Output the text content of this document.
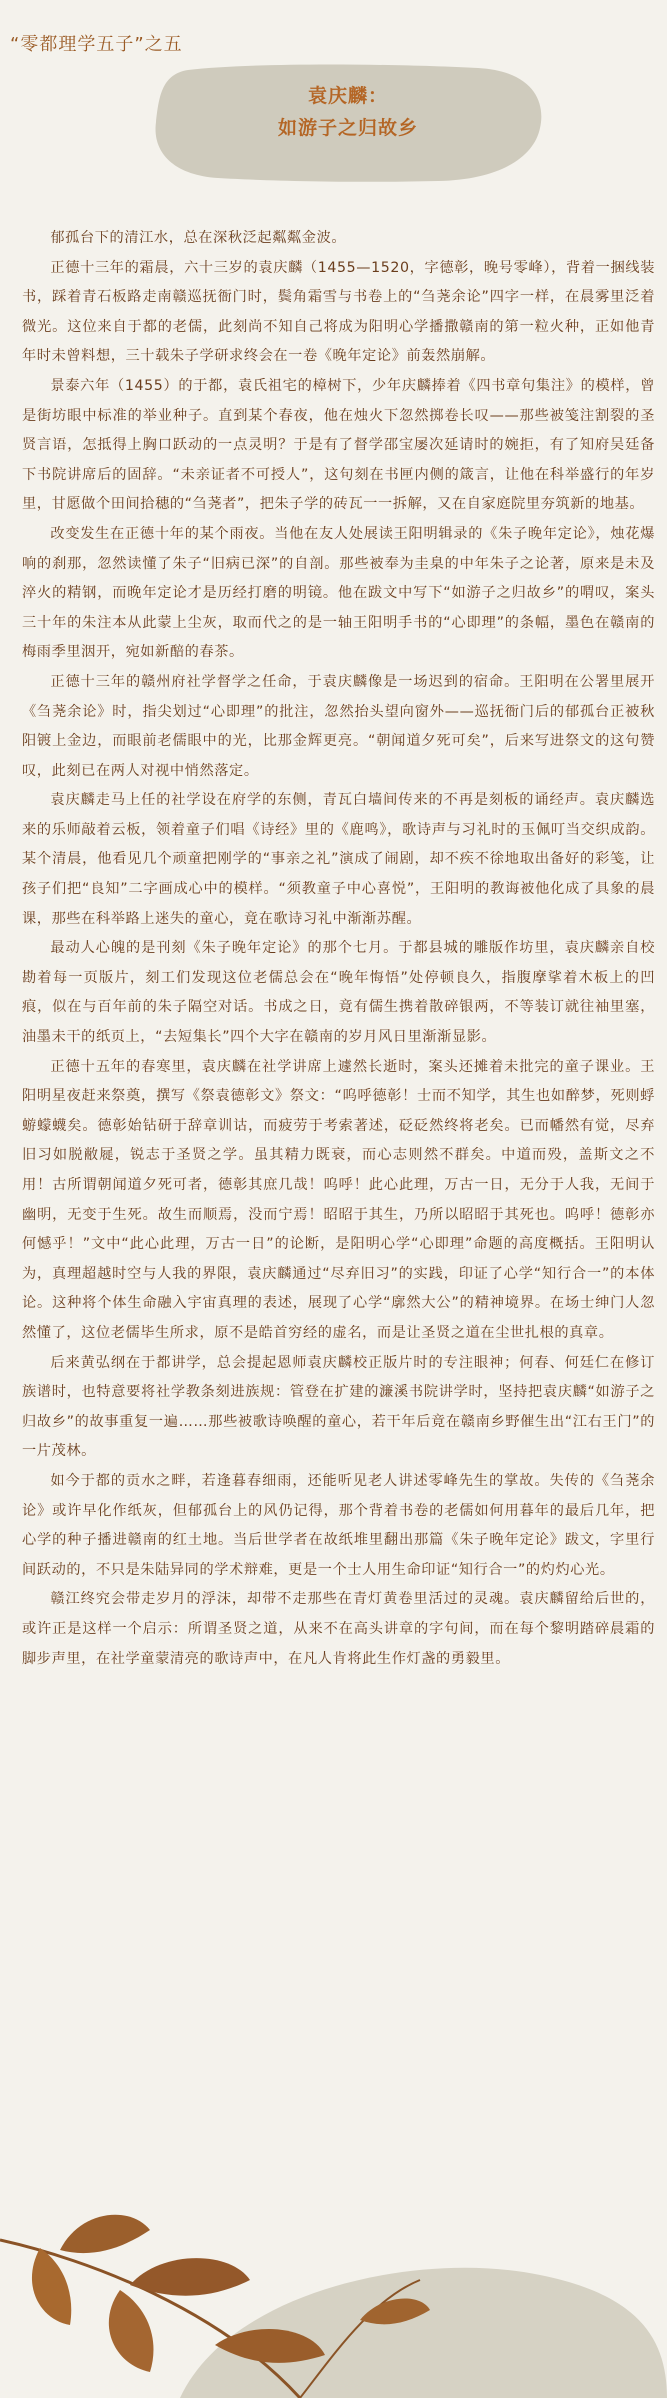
“零都理学五子”之五
袁庆麟：
如游子之归故乡

郁孤台下的清江水，总在深秋泛起粼粼金波。

正德十三年的霜晨，六十三岁的袁庆麟（1455—1520，字德彰，晚号零峰），背着一捆线装书，踩着青石板路走南赣巡抚衙门时，鬓角霜雪与书卷上的“刍荛余论”四字一样，在晨雾里泛着微光。这位来自于都的老儒，此刻尚不知自己将成为阳明心学播撒赣南的第一粒火种，正如他青年时未曾料想，三十载朱子学研求终会在一卷《晚年定论》前轰然崩解。

景泰六年（1455）的于都，袁氏祖宅的樟树下，少年庆麟捧着《四书章句集注》的模样，曾是街坊眼中标准的举业种子。直到某个春夜，他在烛火下忽然掷卷长叹——那些被笺注割裂的圣贤言语，怎抵得上胸口跃动的一点灵明？于是有了督学邵宝屡次延请时的婉拒，有了知府吴廷备下书院讲席后的固辞。“未亲证者不可授人”，这句刻在书匣内侧的箴言，让他在科举盛行的年岁里，甘愿做个田间拾穗的“刍荛者”，把朱子学的砖瓦一一拆解，又在自家庭院里夯筑新的地基。

改变发生在正德十年的某个雨夜。当他在友人处展读王阳明辑录的《朱子晚年定论》，烛花爆响的刹那，忽然读懂了朱子“旧病已深”的自剖。那些被奉为圭臬的中年朱子之论著，原来是未及淬火的精钢，而晚年定论才是历经打磨的明镜。他在跋文中写下“如游子之归故乡”的喟叹，案头三十年的朱注本从此蒙上尘灰，取而代之的是一轴王阳明手书的“心即理”的条幅，墨色在赣南的梅雨季里洇开，宛如新醅的春茶。

正德十三年的赣州府社学督学之任命，于袁庆麟像是一场迟到的宿命。王阳明在公署里展开《刍荛余论》时，指尖划过“心即理”的批注，忽然抬头望向窗外——巡抚衙门后的郁孤台正被秋阳镀上金边，而眼前老儒眼中的光，比那金辉更亮。“朝闻道夕死可矣”，后来写进祭文的这句赞叹，此刻已在两人对视中悄然落定。

袁庆麟走马上任的社学设在府学的东侧，青瓦白墙间传来的不再是刻板的诵经声。袁庆麟选来的乐师敲着云板，领着童子们唱《诗经》里的《鹿鸣》，歌诗声与习礼时的玉佩叮当交织成韵。某个清晨，他看见几个顽童把刚学的“事亲之礼”演成了闹剧，却不疾不徐地取出备好的彩笺，让孩子们把“良知”二字画成心中的模样。“须教童子中心喜悦”，王阳明的教诲被他化成了具象的晨课，那些在科举路上迷失的童心，竟在歌诗习礼中渐渐苏醒。

最动人心魄的是刊刻《朱子晚年定论》的那个七月。于都县城的雕版作坊里，袁庆麟亲自校勘着每一页版片，刻工们发现这位老儒总会在“晚年悔悟”处停顿良久，指腹摩挲着木板上的凹痕，似在与百年前的朱子隔空对话。书成之日，竟有儒生携着散碎银两，不等装订就往袖里塞，油墨未干的纸页上，“去短集长”四个大字在赣南的岁月风日里渐渐显影。

正德十五年的春寒里，袁庆麟在社学讲席上遽然长逝时，案头还摊着未批完的童子课业。王阳明星夜赶来祭奠，撰写《祭袁德彰文》祭文：“呜呼德彰！士而不知学，其生也如醉梦，死则蜉蝣蠓蠛矣。德彰始钻研于辞章训诂，而疲劳于考索著述，砭砭然终将老矣。已而幡然有觉，尽弃旧习如脱敝屣，锐志于圣贤之学。虽其精力既衰，而心志则然不群矣。中道而殁，盖斯文之不用！古所谓朝闻道夕死可者，德彰其庶几哉！呜呼！此心此理，万古一日，无分于人我，无间于幽明，无变于生死。故生而顺焉，没而宁焉！昭昭于其生，乃所以昭昭于其死也。呜呼！德彰亦何憾乎！”文中“此心此理，万古一日”的论断，是阳明心学“心即理”命题的高度概括。王阳明认为，真理超越时空与人我的界限，袁庆麟通过“尽弃旧习”的实践，印证了心学“知行合一”的本体论。这种将个体生命融入宇宙真理的表述，展现了心学“廓然大公”的精神境界。在场士绅门人忽然懂了，这位老儒毕生所求，原不是皓首穷经的虚名，而是让圣贤之道在尘世扎根的真章。

后来黄弘纲在于都讲学，总会提起恩师袁庆麟校正版片时的专注眼神；何春、何廷仁在修订族谱时，也特意要将社学教条刻进族规：管登在扩建的濂溪书院讲学时，坚持把袁庆麟“如游子之归故乡”的故事重复一遍……那些被歌诗唤醒的童心，若干年后竟在赣南乡野催生出“江右王门”的一片茂林。

如今于都的贡水之畔，若逢暮春细雨，还能听见老人讲述零峰先生的掌故。失传的《刍荛余论》或许早化作纸灰，但郁孤台上的风仍记得，那个背着书卷的老儒如何用暮年的最后几年，把心学的种子播进赣南的红土地。当后世学者在故纸堆里翻出那篇《朱子晚年定论》跋文，字里行间跃动的，不只是朱陆异同的学术辩难，更是一个士人用生命印证“知行合一”的灼灼心光。

赣江终究会带走岁月的浮沫，却带不走那些在青灯黄卷里活过的灵魂。袁庆麟留给后世的，或许正是这样一个启示：所谓圣贤之道，从来不在高头讲章的字句间，而在每个黎明踏碎晨霜的脚步声里，在社学童蒙清亮的歌诗声中，在凡人肯将此生作灯盏的勇毅里。
